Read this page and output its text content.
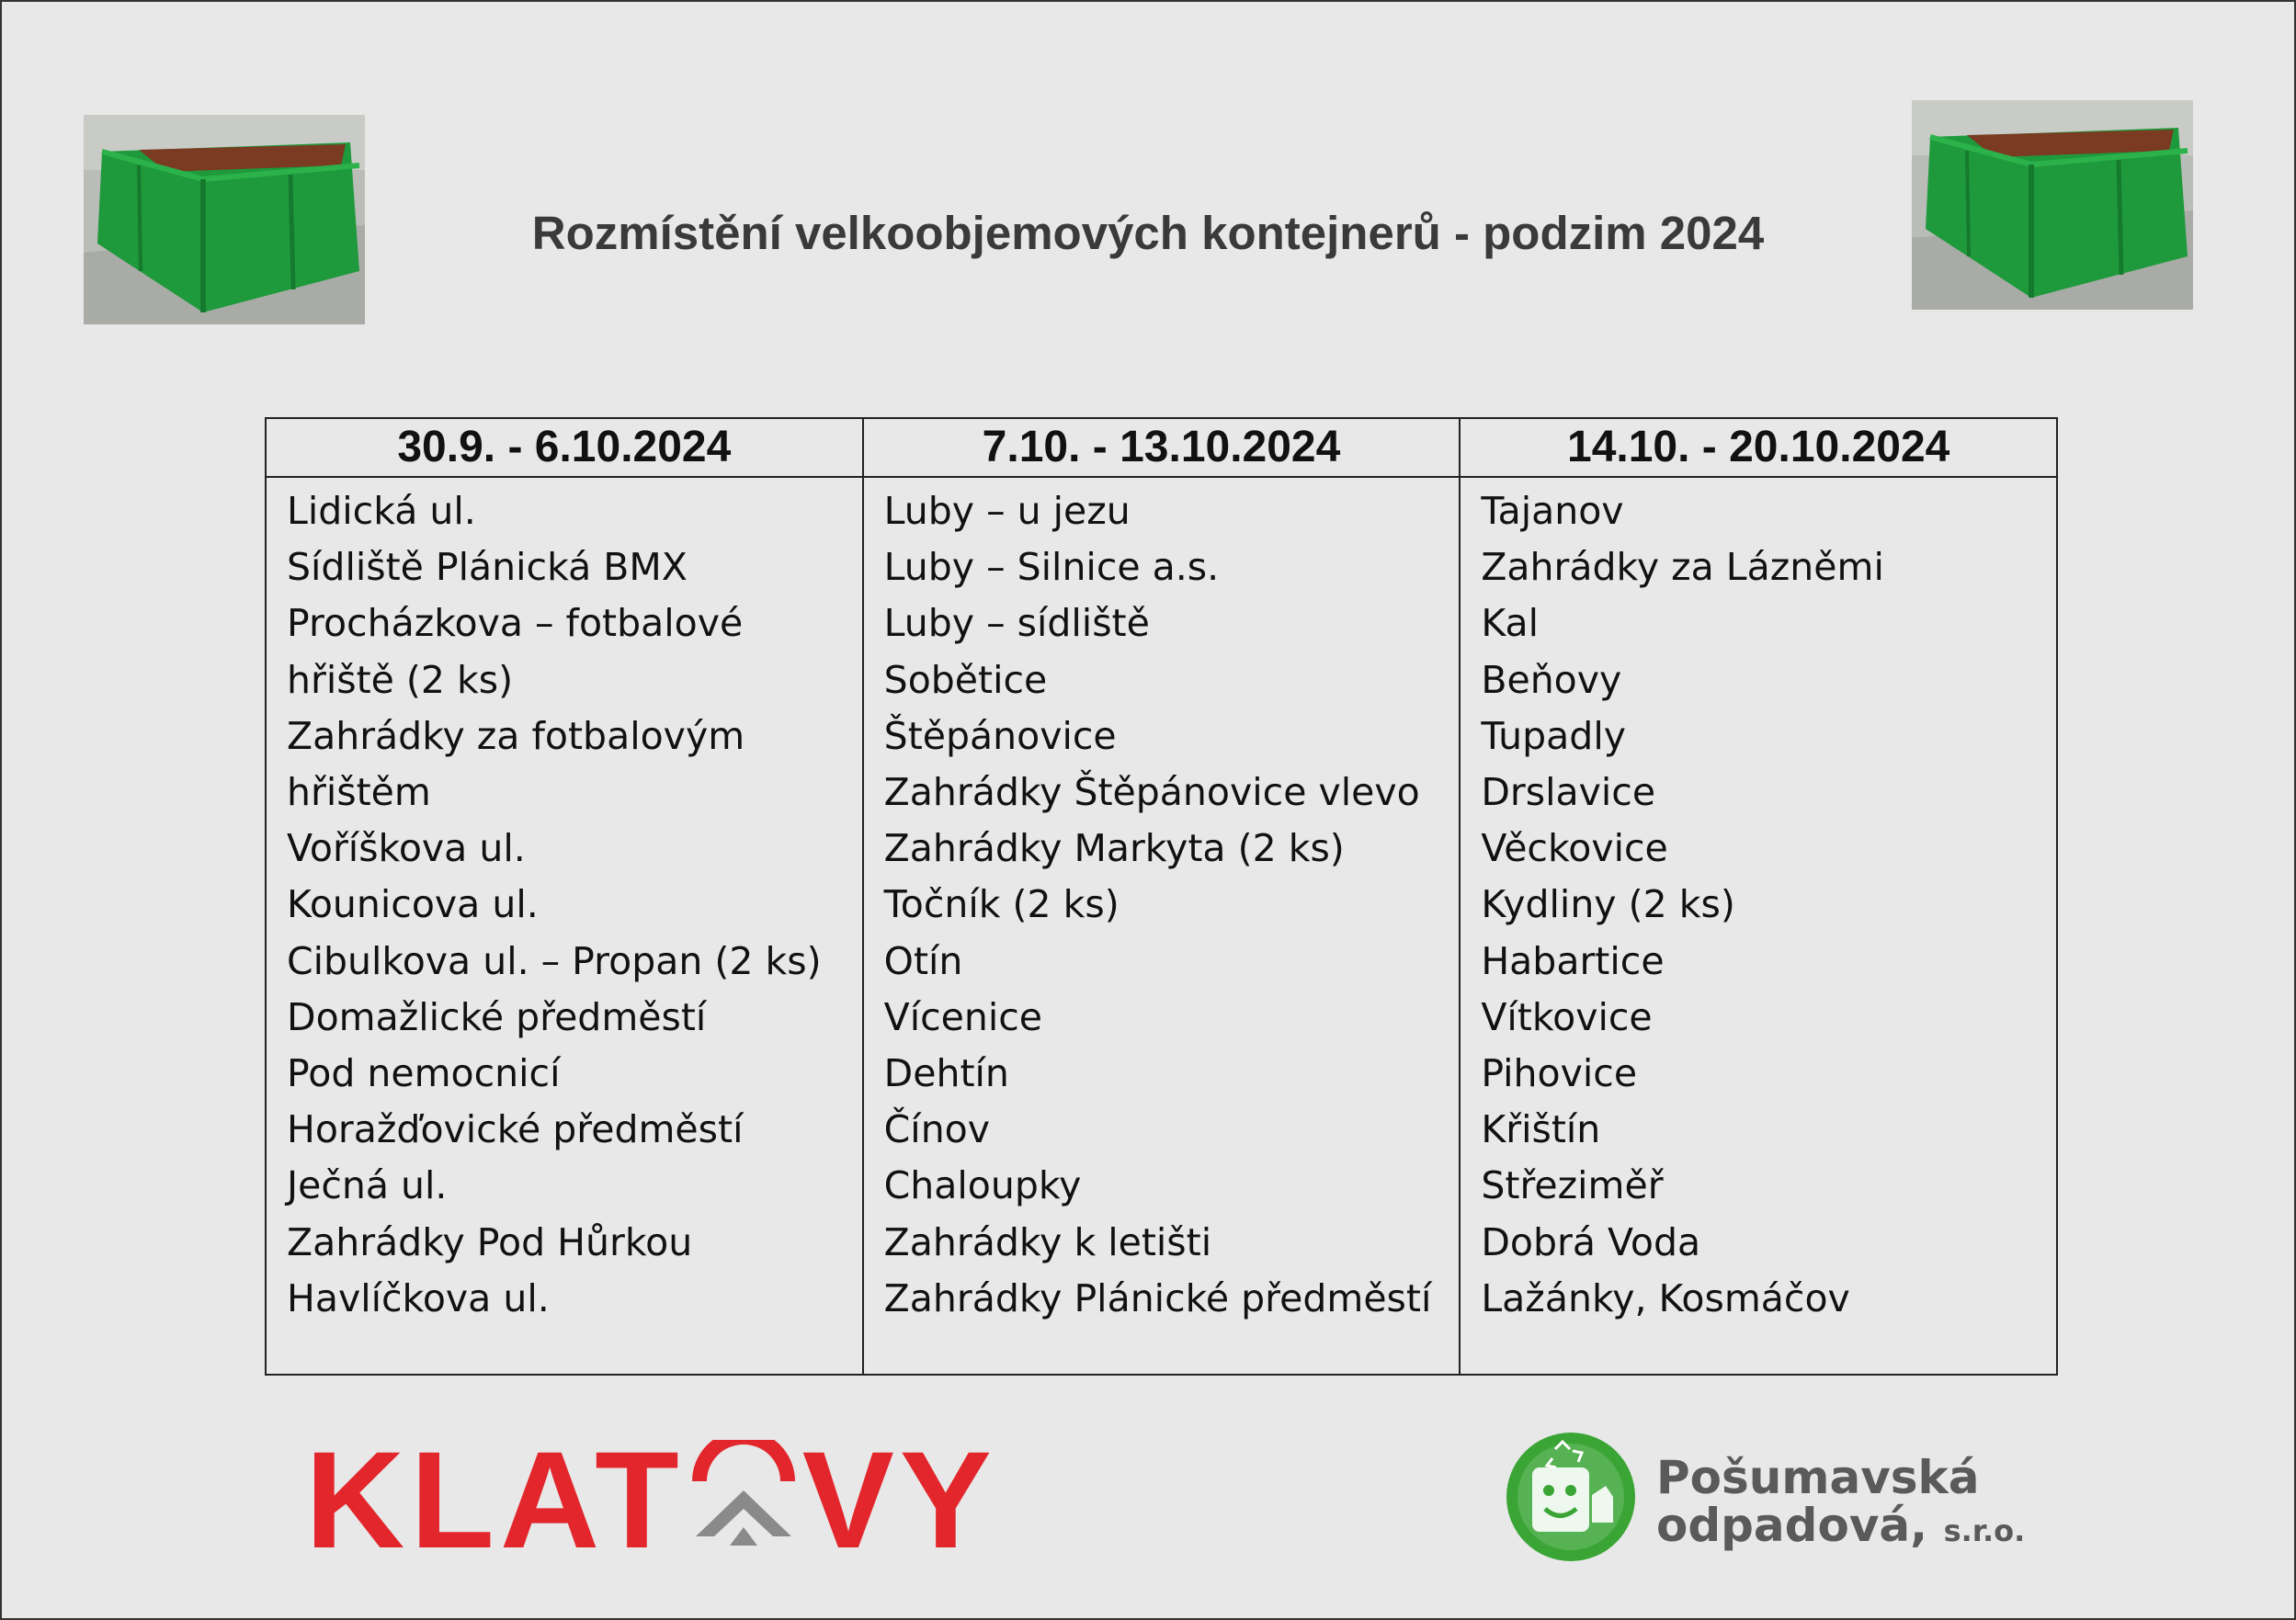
Rozmístění velkoobjemových kontejnerů - podzim 2024
30.9. - 6.10.2024
Lidická ul.
Sídliště Plánická BMX
Procházkova – fotbalové hřiště (2 ks)
Zahrádky za fotbalovým hřištěm
Voříškova ul.
Kounicova ul.
Cibulkova ul. – Propan (2 ks)
Domažlické předměstí
Pod nemocnicí
Horažďovické předměstí
Ječná ul.
Zahrádky Pod Hůrkou
Havlíčkova ul.
7.10. - 13.10.2024
Luby – u jezu
Luby – Silnice a.s.
Luby – sídliště
Sobětice
Štěpánovice
Zahrádky Štěpánovice vlevo
Zahrádky Markyta (2 ks)
Točník (2 ks)
Otín
Vícenice
Dehtín
Čínov
Chaloupky
Zahrádky k letišti
Zahrádky Plánické předměstí
14.10. - 20.10.2024
Tajanov
Zahrádky za Lázněmi
Kal
Beňovy
Tupadly
Drslavice
Věckovice
Kydliny (2 ks)
Habartice
Vítkovice
Pihovice
Křištín
Střeziměř
Dobrá Voda
Lažánky, Kosmáčov
KLAT VY	Pošumavská
odpadová, s.r.o.
